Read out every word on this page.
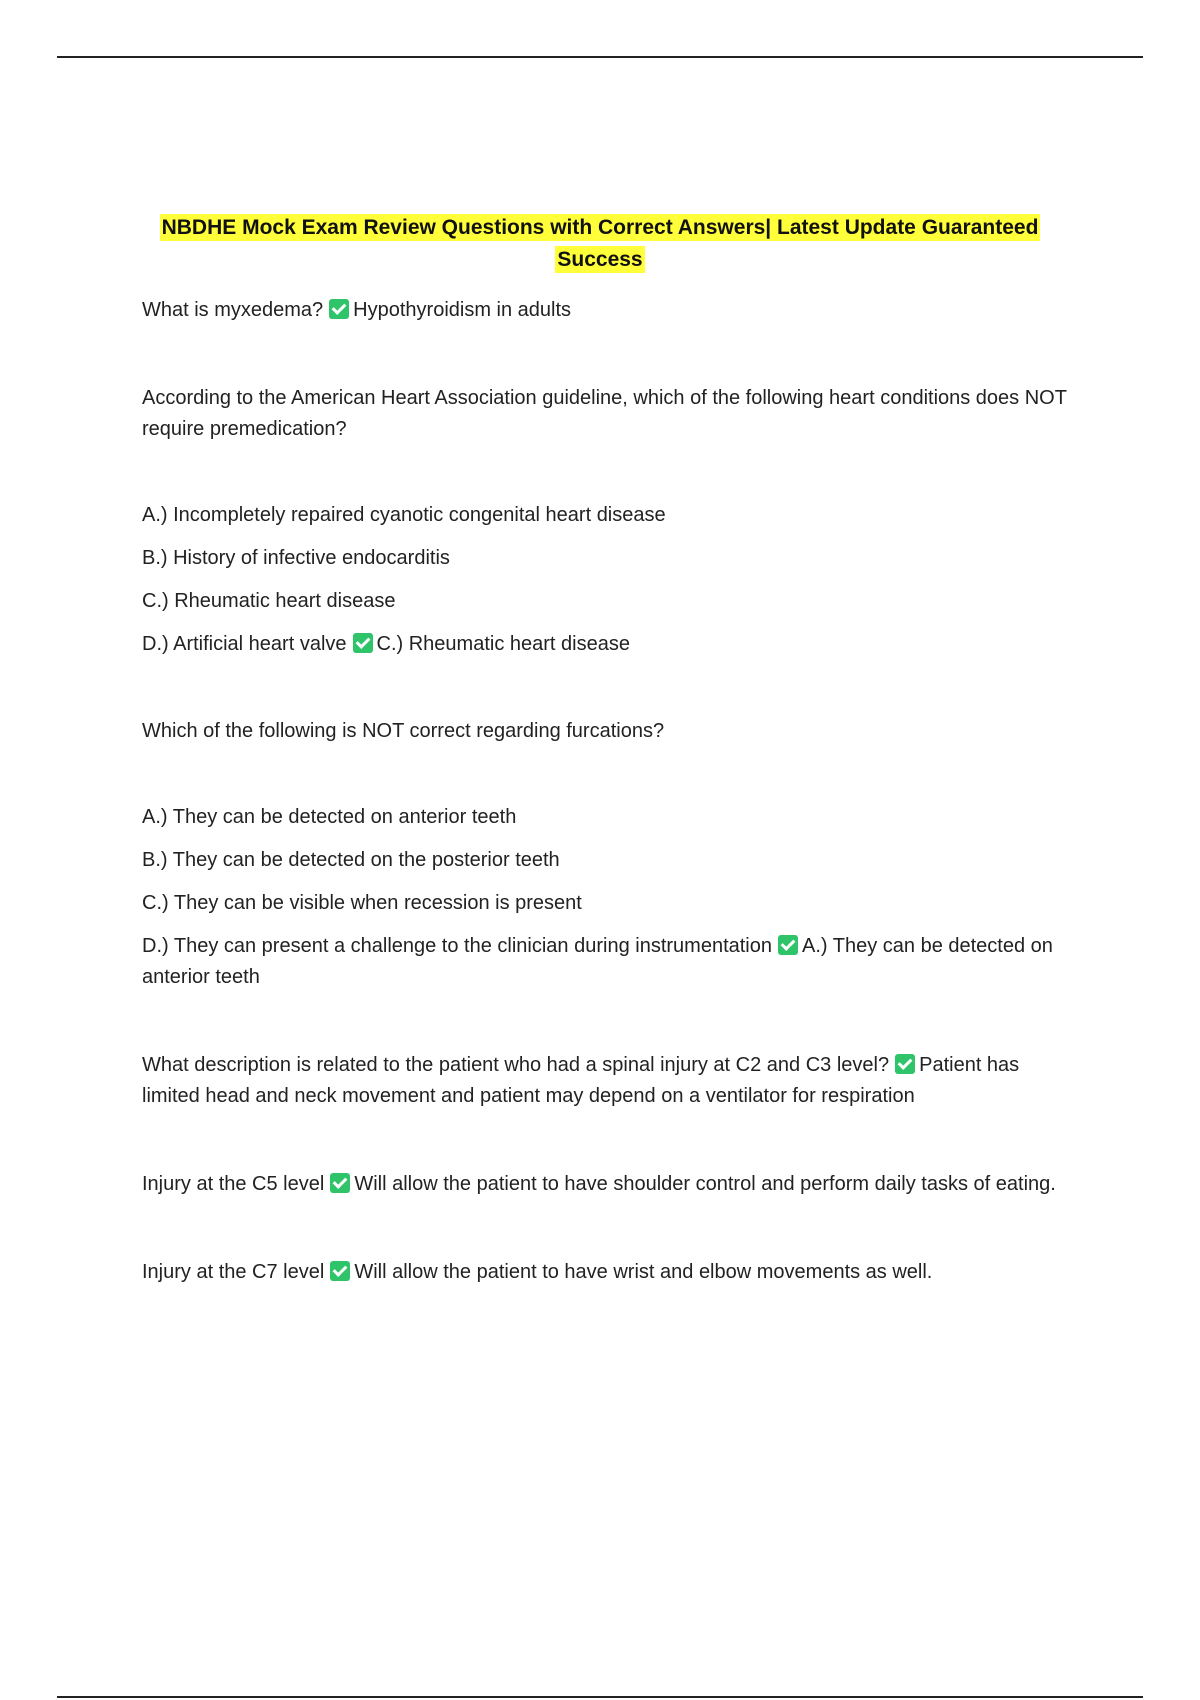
NBDHE Mock Exam Review Questions with Correct Answers| Latest Update Guaranteed
Success

What is myxedema? Hypothyroidism in adults

According to the American Heart Association guideline, which of the following heart conditions does NOT require premedication?

A.) Incompletely repaired cyanotic congenital heart disease

B.) History of infective endocarditis

C.) Rheumatic heart disease

D.) Artificial heart valve C.) Rheumatic heart disease

Which of the following is NOT correct regarding furcations?

A.) They can be detected on anterior teeth

B.) They can be detected on the posterior teeth

C.) They can be visible when recession is present

D.) They can present a challenge to the clinician during instrumentation A.) They can be detected on anterior teeth

What description is related to the patient who had a spinal injury at C2 and C3 level? Patient has limited head and neck movement and patient may depend on a ventilator for respiration

Injury at the C5 level Will allow the patient to have shoulder control and perform daily tasks of eating.

Injury at the C7 level Will allow the patient to have wrist and elbow movements as well.
